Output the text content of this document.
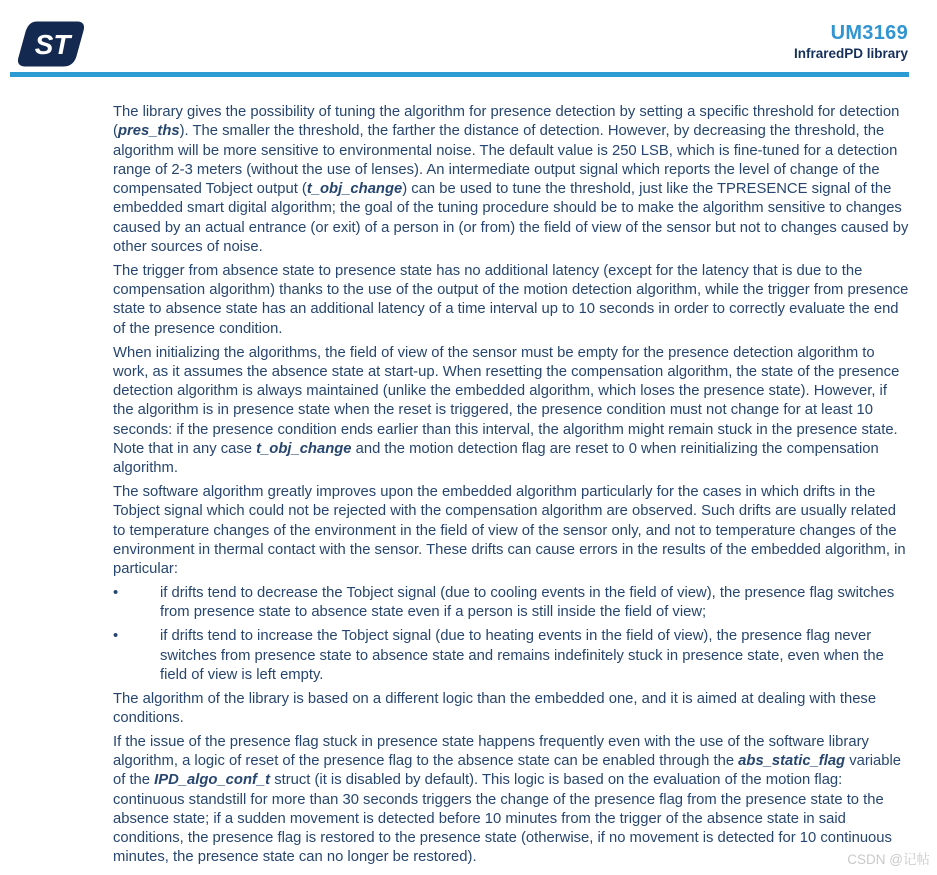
ST	UM3169
InfraredPD library

The library gives the possibility of tuning the algorithm for presence detection by setting a specific threshold for detection (pres_ths). The smaller the threshold, the farther the distance of detection. However, by decreasing the threshold, the algorithm will be more sensitive to environmental noise. The default value is 250 LSB, which is fine-tuned for a detection range of 2-3 meters (without the use of lenses). An intermediate output signal which reports the level of change of the compensated Tobject output (t_obj_change) can be used to tune the threshold, just like the TPRESENCE signal of the embedded smart digital algorithm; the goal of the tuning procedure should be to make the algorithm sensitive to changes caused by an actual entrance (or exit) of a person in (or from) the field of view of the sensor but not to changes caused by other sources of noise.

The trigger from absence state to presence state has no additional latency (except for the latency that is due to the compensation algorithm) thanks to the use of the output of the motion detection algorithm, while the trigger from presence state to absence state has an additional latency of a time interval up to 10 seconds in order to correctly evaluate the end of the presence condition.

When initializing the algorithms, the field of view of the sensor must be empty for the presence detection algorithm to work, as it assumes the absence state at start-up. When resetting the compensation algorithm, the state of the presence detection algorithm is always maintained (unlike the embedded algorithm, which loses the presence state). However, if the algorithm is in presence state when the reset is triggered, the presence condition must not change for at least 10 seconds: if the presence condition ends earlier than this interval, the algorithm might remain stuck in the presence state. Note that in any case t_obj_change and the motion detection flag are reset to 0 when reinitializing the compensation algorithm.

The software algorithm greatly improves upon the embedded algorithm particularly for the cases in which drifts in the Tobject signal which could not be rejected with the compensation algorithm are observed. Such drifts are usually related to temperature changes of the environment in the field of view of the sensor only, and not to temperature changes of the environment in thermal contact with the sensor. These drifts can cause errors in the results of the embedded algorithm, in particular:

•	if drifts tend to decrease the Tobject signal (due to cooling events in the field of view), the presence flag switches from presence state to absence state even if a person is still inside the field of view;
•	if drifts tend to increase the Tobject signal (due to heating events in the field of view), the presence flag never switches from presence state to absence state and remains indefinitely stuck in presence state, even when the field of view is left empty.

The algorithm of the library is based on a different logic than the embedded one, and it is aimed at dealing with these conditions.

If the issue of the presence flag stuck in presence state happens frequently even with the use of the software library algorithm, a logic of reset of the presence flag to the absence state can be enabled through the abs_static_flag variable of the IPD_algo_conf_t struct (it is disabled by default). This logic is based on the evaluation of the motion flag: continuous standstill for more than 30 seconds triggers the change of the presence flag from the presence state to the absence state; if a sudden movement is detected before 10 minutes from the trigger of the absence state in said conditions, the presence flag is restored to the presence state (otherwise, if no movement is detected for 10 continuous minutes, the presence state can no longer be restored).	CSDN @记帖
